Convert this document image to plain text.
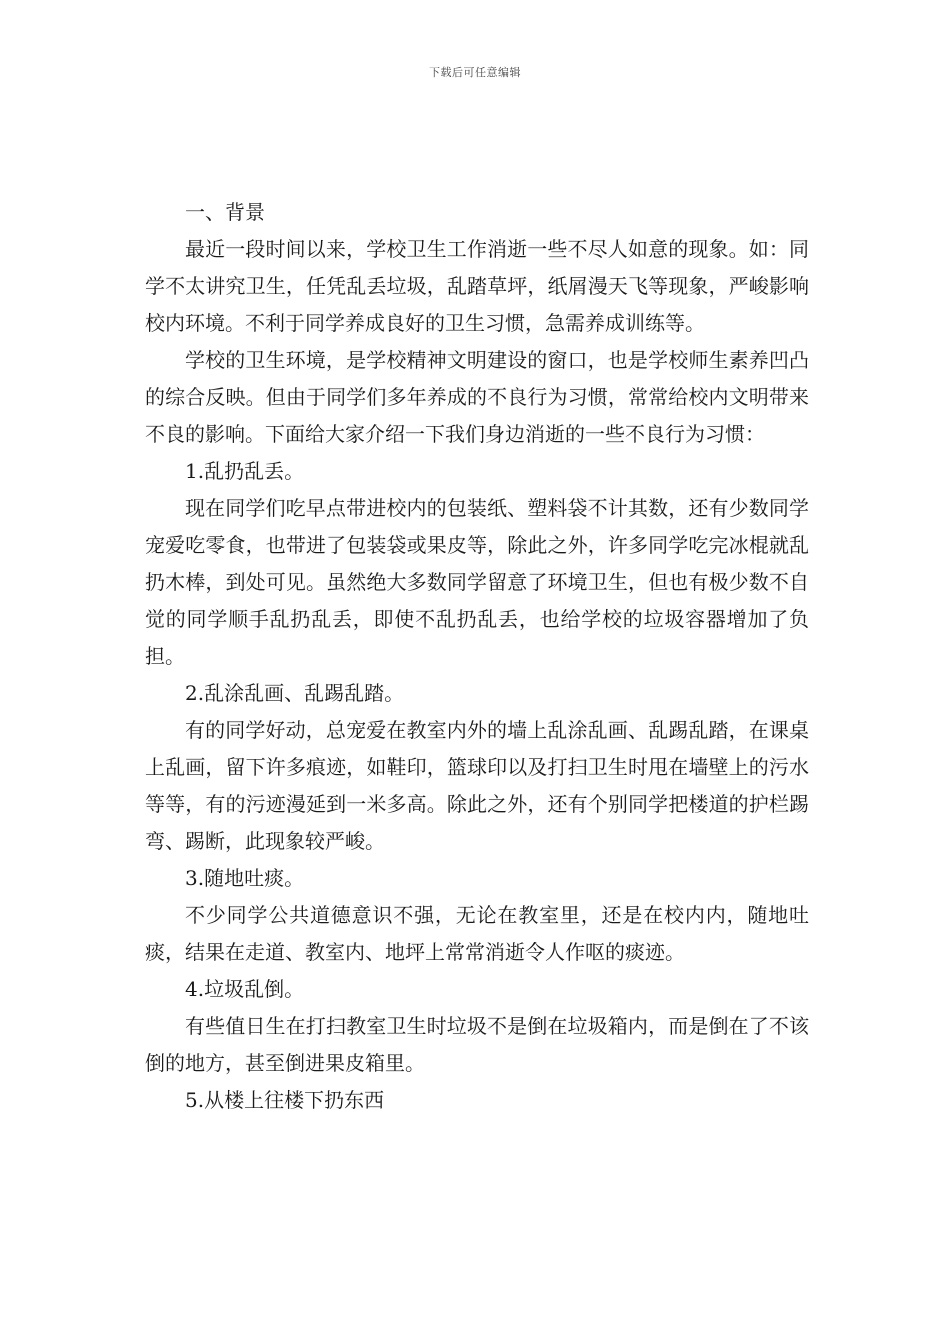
下载后可任意编辑

一、背景

最近一段时间以来，学校卫生工作消逝一些不尽人如意的现象。如：同学不太讲究卫生，任凭乱丢垃圾，乱踏草坪，纸屑漫天飞等现象，严峻影响校内环境。不利于同学养成良好的卫生习惯，急需养成训练等。

学校的卫生环境，是学校精神文明建设的窗口，也是学校师生素养凹凸的综合反映。但由于同学们多年养成的不良行为习惯，常常给校内文明带来不良的影响。下面给大家介绍一下我们身边消逝的一些不良行为习惯：

1.乱扔乱丢。

现在同学们吃早点带进校内的包装纸、塑料袋不计其数，还有少数同学宠爱吃零食，也带进了包装袋或果皮等，除此之外，许多同学吃完冰棍就乱扔木棒，到处可见。虽然绝大多数同学留意了环境卫生，但也有极少数不自觉的同学顺手乱扔乱丢，即使不乱扔乱丢，也给学校的垃圾容器增加了负担。

2.乱涂乱画、乱踢乱踏。

有的同学好动，总宠爱在教室内外的墙上乱涂乱画、乱踢乱踏，在课桌上乱画，留下许多痕迹，如鞋印，篮球印以及打扫卫生时甩在墙壁上的污水等等，有的污迹漫延到一米多高。除此之外，还有个别同学把楼道的护栏踢弯、踢断，此现象较严峻。

3.随地吐痰。

不少同学公共道德意识不强，无论在教室里，还是在校内内，随地吐痰，结果在走道、教室内、地坪上常常消逝令人作呕的痰迹。

4.垃圾乱倒。

有些值日生在打扫教室卫生时垃圾不是倒在垃圾箱内，而是倒在了不该倒的地方，甚至倒进果皮箱里。

5.从楼上往楼下扔东西
